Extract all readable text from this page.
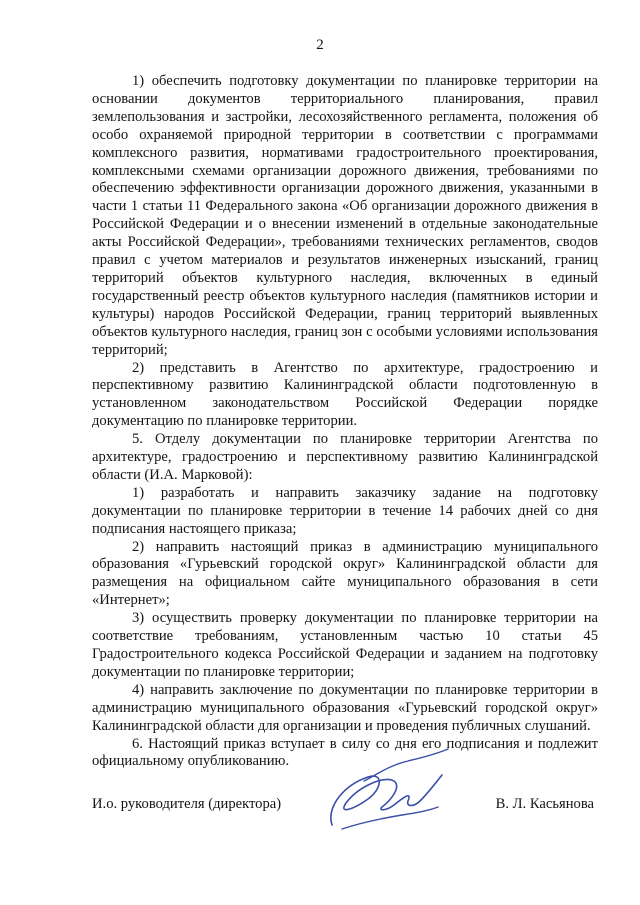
2

1) обеспечить подготовку документации по планировке территории на основании документов территориального планирования, правил землепользования и застройки, лесохозяйственного регламента, положения об особо охраняемой природной территории в соответствии с программами комплексного развития, нормативами градостроительного проектирования, комплексными схемами организации дорожного движения, требованиями по обеспечению эффективности организации дорожного движения, указанными в части 1 статьи 11 Федерального закона «Об организации дорожного движения в Российской Федерации и о внесении изменений в отдельные законодательные акты Российской Федерации», требованиями технических регламентов, сводов правил с учетом материалов и результатов инженерных изысканий, границ территорий объектов культурного наследия, включенных в единый государственный реестр объектов культурного наследия (памятников истории и культуры) народов Российской Федерации, границ территорий выявленных объектов культурного наследия, границ зон с особыми условиями использования территорий;

2) представить в Агентство по архитектуре, градостроению и перспективному развитию Калининградской области подготовленную в установленном законодательством Российской Федерации порядке документацию по планировке территории.

5. Отделу документации по планировке территории Агентства по архитектуре, градостроению и перспективному развитию Калининградской области (И.А. Марковой):

1) разработать и направить заказчику задание на подготовку документации по планировке территории в течение 14 рабочих дней со дня подписания настоящего приказа;

2) направить настоящий приказ в администрацию муниципального образования «Гурьевский городской округ» Калининградской области для размещения на официальном сайте муниципального образования в сети «Интернет»;

3) осуществить проверку документации по планировке территории на соответствие требованиям, установленным частью 10 статьи 45 Градостроительного кодекса Российской Федерации и заданием на подготовку документации по планировке территории;

4) направить заключение по документации по планировке территории в администрацию муниципального образования «Гурьевский городской округ» Калининградской области для организации и проведения публичных слушаний.

6. Настоящий приказ вступает в силу со дня его подписания и подлежит официальному опубликованию.

И.о. руководителя (директора)	В. Л. Касьянова
